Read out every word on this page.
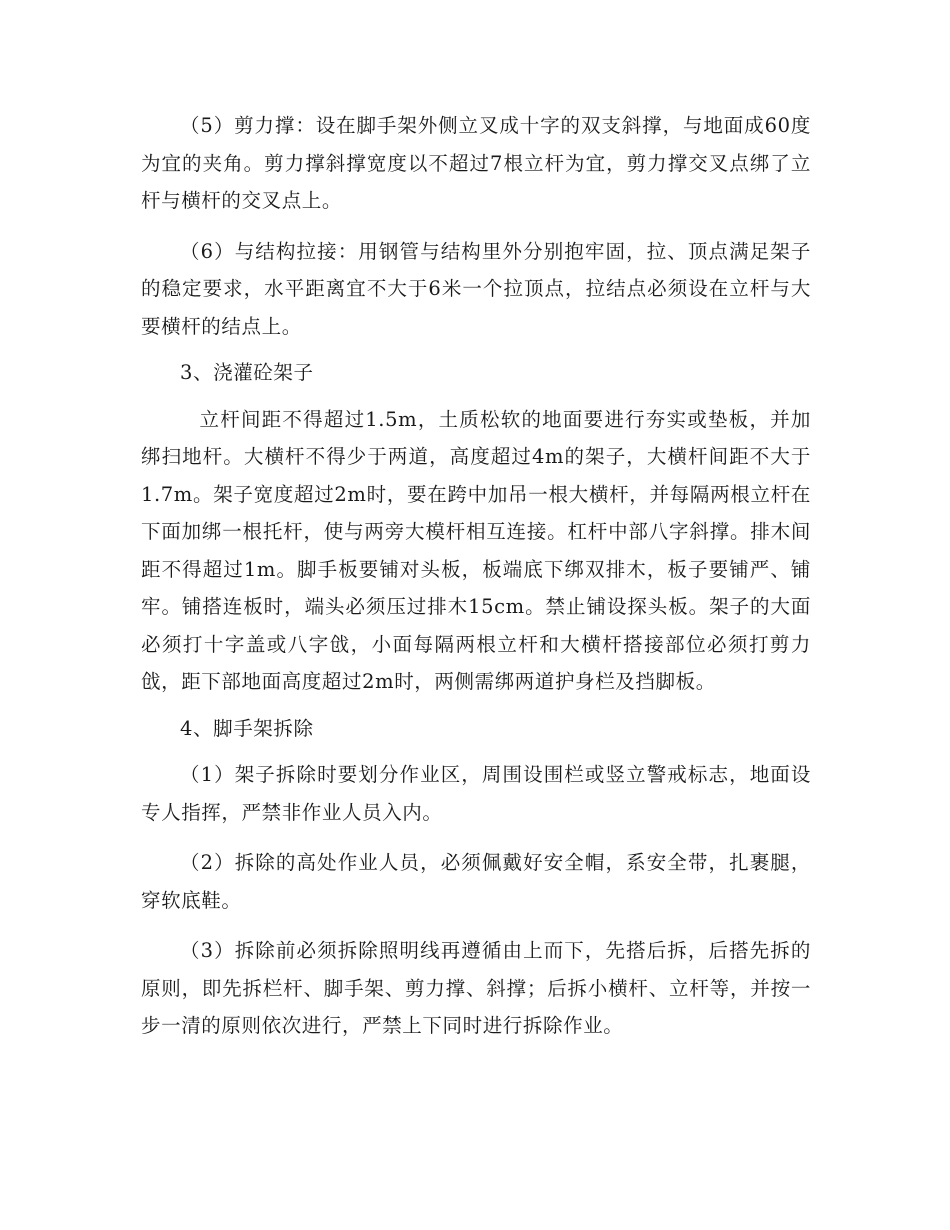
（5）剪力撑：设在脚手架外侧立叉成十字的双支斜撑，与地面成60度为宜的夹角。剪力撑斜撑宽度以不超过7根立杆为宜，剪力撑交叉点绑了立杆与横杆的交叉点上。

（6）与结构拉接：用钢管与结构里外分别抱牢固，拉、顶点满足架子的稳定要求，水平距离宜不大于6米一个拉顶点，拉结点必须设在立杆与大要横杆的结点上。

3、浇灌砼架子

立杆间距不得超过1.5m，土质松软的地面要进行夯实或垫板，并加绑扫地杆。大横杆不得少于两道，高度超过4m的架子，大横杆间距不大于1.7m。架子宽度超过2m时，要在跨中加吊一根大横杆，并每隔两根立杆在下面加绑一根托杆，使与两旁大模杆相互连接。杠杆中部八字斜撑。排木间距不得超过1m。脚手板要铺对头板，板端底下绑双排木，板子要铺严、铺牢。铺搭连板时，端头必须压过排木15cm。禁止铺设探头板。架子的大面必须打十字盖或八字戗，小面每隔两根立杆和大横杆搭接部位必须打剪力戗，距下部地面高度超过2m时，两侧需绑两道护身栏及挡脚板。

4、脚手架拆除

（1）架子拆除时要划分作业区，周围设围栏或竖立警戒标志，地面设专人指挥，严禁非作业人员入内。

（2）拆除的高处作业人员，必须佩戴好安全帽，系安全带，扎裹腿，穿软底鞋。

（3）拆除前必须拆除照明线再遵循由上而下，先搭后拆，后搭先拆的原则，即先拆栏杆、脚手架、剪力撑、斜撑；后拆小横杆、立杆等，并按一步一清的原则依次进行，严禁上下同时进行拆除作业。
